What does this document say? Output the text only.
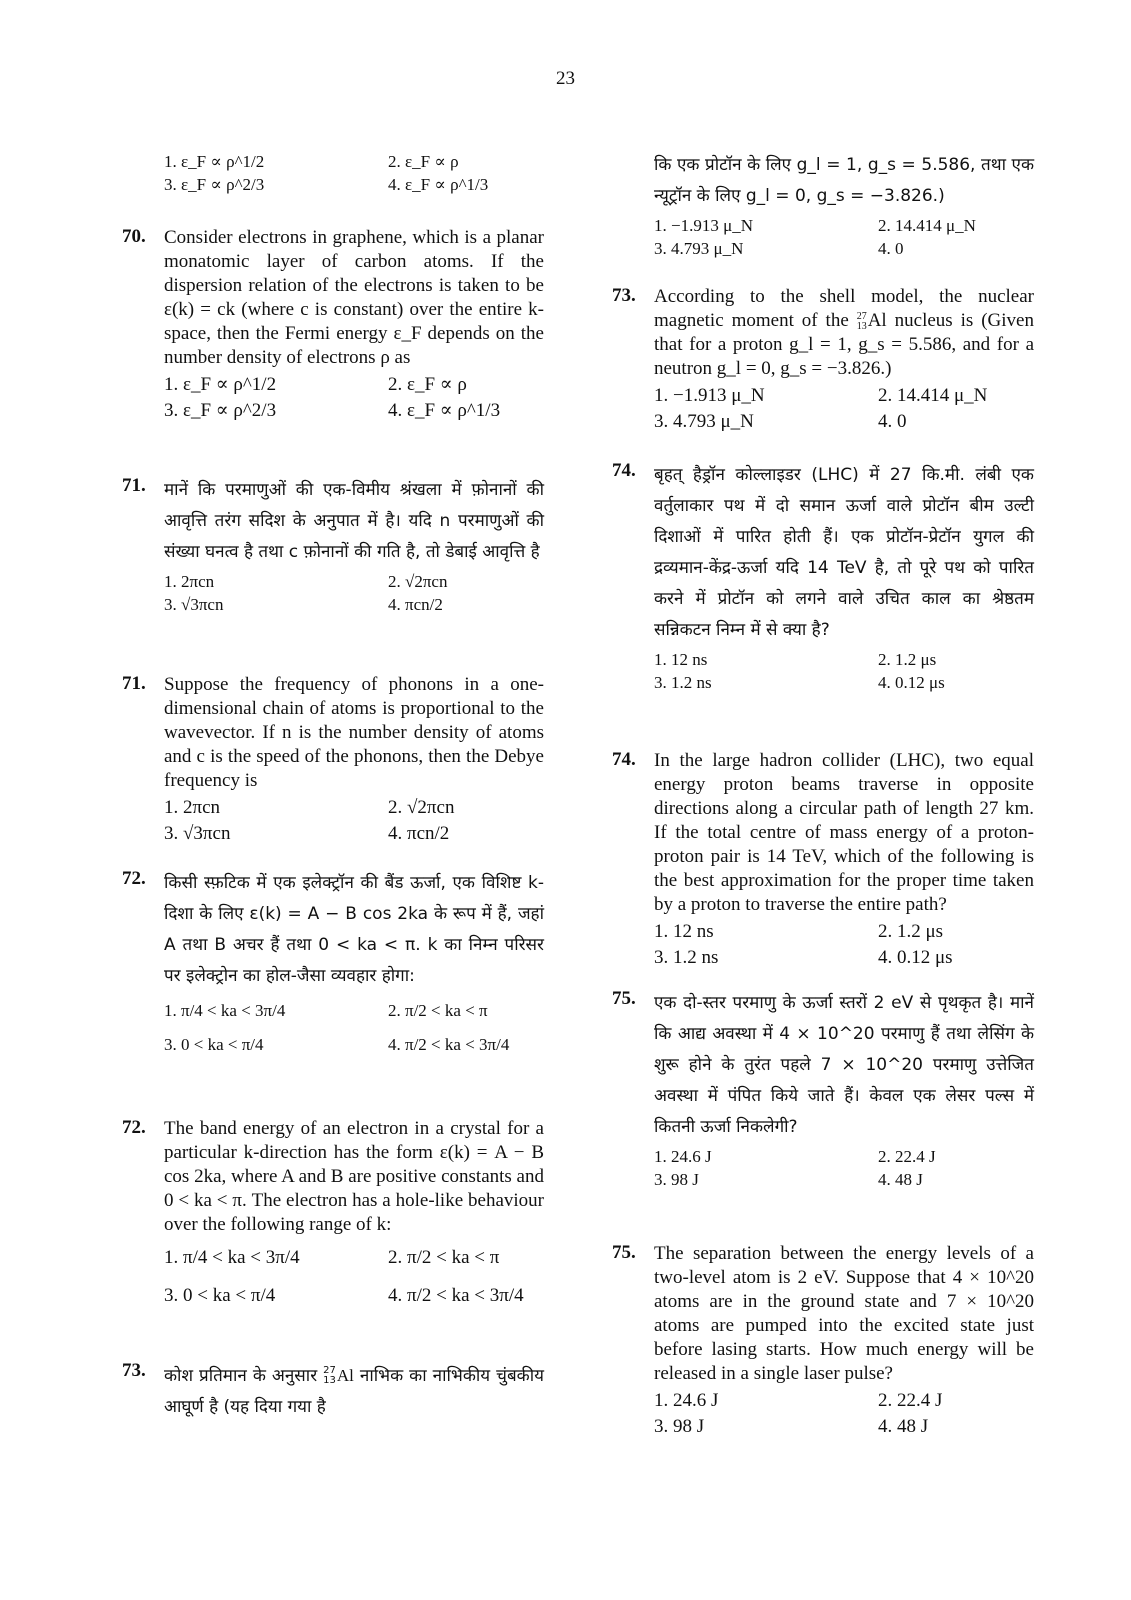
23
1. ε_F ∝ ρ^1/2	2. ε_F ∝ ρ
3. ε_F ∝ ρ^2/3	4. ε_F ∝ ρ^1/3
70. Consider electrons in graphene, which is a planar monatomic layer of carbon atoms. If the dispersion relation of the electrons is taken to be ε(k) = ck (where c is constant) over the entire k-space, then the Fermi energy ε_F depends on the number density of electrons ρ as
1. ε_F ∝ ρ^1/2	2. ε_F ∝ ρ
3. ε_F ∝ ρ^2/3	4. ε_F ∝ ρ^1/3
71. मानें कि परमाणुओं की एक-विमीय श्रंखला में फ़ोनानों की आवृत्ति तरंग सदिश के अनुपात में है। यदि n परमाणुओं की संख्या घनत्व है तथा c फ़ोनानों की गति है, तो डेबाई आवृत्ति है
1. 2πcn	2. √2πcn
3. √3πcn	4. πcn/2
71. Suppose the frequency of phonons in a one-dimensional chain of atoms is proportional to the wavevector. If n is the number density of atoms and c is the speed of the phonons, then the Debye frequency is
1. 2πcn	2. √2πcn
3. √3πcn	4. πcn/2
72. किसी स्फ़टिक में एक इलेक्ट्रॉन की बैंड ऊर्जा, एक विशिष्ट k-दिशा के लिए ε(k) = A − B cos 2ka के रूप में हैं, जहां A तथा B अचर हैं तथा 0 < ka < π. k का निम्न परिसर पर इलेक्ट्रोन का होल-जैसा व्यवहार होगा:
1. π/4 < ka < 3π/4	2. π/2 < ka < π
3. 0 < ka < π/4	4. π/2 < ka < 3π/4
72. The band energy of an electron in a crystal for a particular k-direction has the form ε(k) = A − B cos 2ka, where A and B are positive constants and 0 < ka < π. The electron has a hole-like behaviour over the following range of k:
1. π/4 < ka < 3π/4	2. π/2 < ka < π
3. 0 < ka < π/4	4. π/2 < ka < 3π/4
73. कोश प्रतिमान के अनुसार 27
13 Al नाभिक का नाभिकीय चुंबकीय आघूर्ण है (यह दिया गया है
कि एक प्रोटॉन के लिए g_l = 1, g_s = 5.586, तथा एक न्यूट्रॉन के लिए g_l = 0, g_s = −3.826.)
1. −1.913 μ_N	2. 14.414 μ_N
3. 4.793 μ_N	4. 0
73. According to the shell model, the nuclear magnetic moment of the 27
13 Al nucleus is (Given that for a proton g_l = 1, g_s = 5.586, and for a neutron g_l = 0, g_s = −3.826.)
1. −1.913 μ_N	2. 14.414 μ_N
3. 4.793 μ_N	4. 0
74. बृहत् हैड्रॉन कोल्लाइडर (LHC) में 27 कि.मी. लंबी एक वर्तुलाकार पथ में दो समान ऊर्जा वाले प्रोटॉन बीम उल्टी दिशाओं में पारित होती हैं। एक प्रोटॉन-प्रेटॉन युगल की द्रव्यमान-केंद्र-ऊर्जा यदि 14 TeV है, तो पूरे पथ को पारित करने में प्रोटॉन को लगने वाले उचित काल का श्रेष्ठतम सन्निकटन निम्न में से क्या है?
1. 12 ns	2. 1.2 μs
3. 1.2 ns	4. 0.12 μs
74. In the large hadron collider (LHC), two equal energy proton beams traverse in opposite directions along a circular path of length 27 km. If the total centre of mass energy of a proton-proton pair is 14 TeV, which of the following is the best approximation for the proper time taken by a proton to traverse the entire path?
1. 12 ns	2. 1.2 μs
3. 1.2 ns	4. 0.12 μs
75. एक दो-स्तर परमाणु के ऊर्जा स्तरों 2 eV से पृथकृत है। मानें कि आद्य अवस्था में 4 × 10^20 परमाणु हैं तथा लेसिंग के शुरू होने के तुरंत पहले 7 × 10^20 परमाणु उत्तेजित अवस्था में पंपित किये जाते हैं। केवल एक लेसर पल्स में कितनी ऊर्जा निकलेगी?
1. 24.6 J	2. 22.4 J
3. 98 J	4. 48 J
75. The separation between the energy levels of a two-level atom is 2 eV. Suppose that 4 × 10^20 atoms are in the ground state and 7 × 10^20 atoms are pumped into the excited state just before lasing starts. How much energy will be released in a single laser pulse?
1. 24.6 J	2. 22.4 J
3. 98 J	4. 48 J
